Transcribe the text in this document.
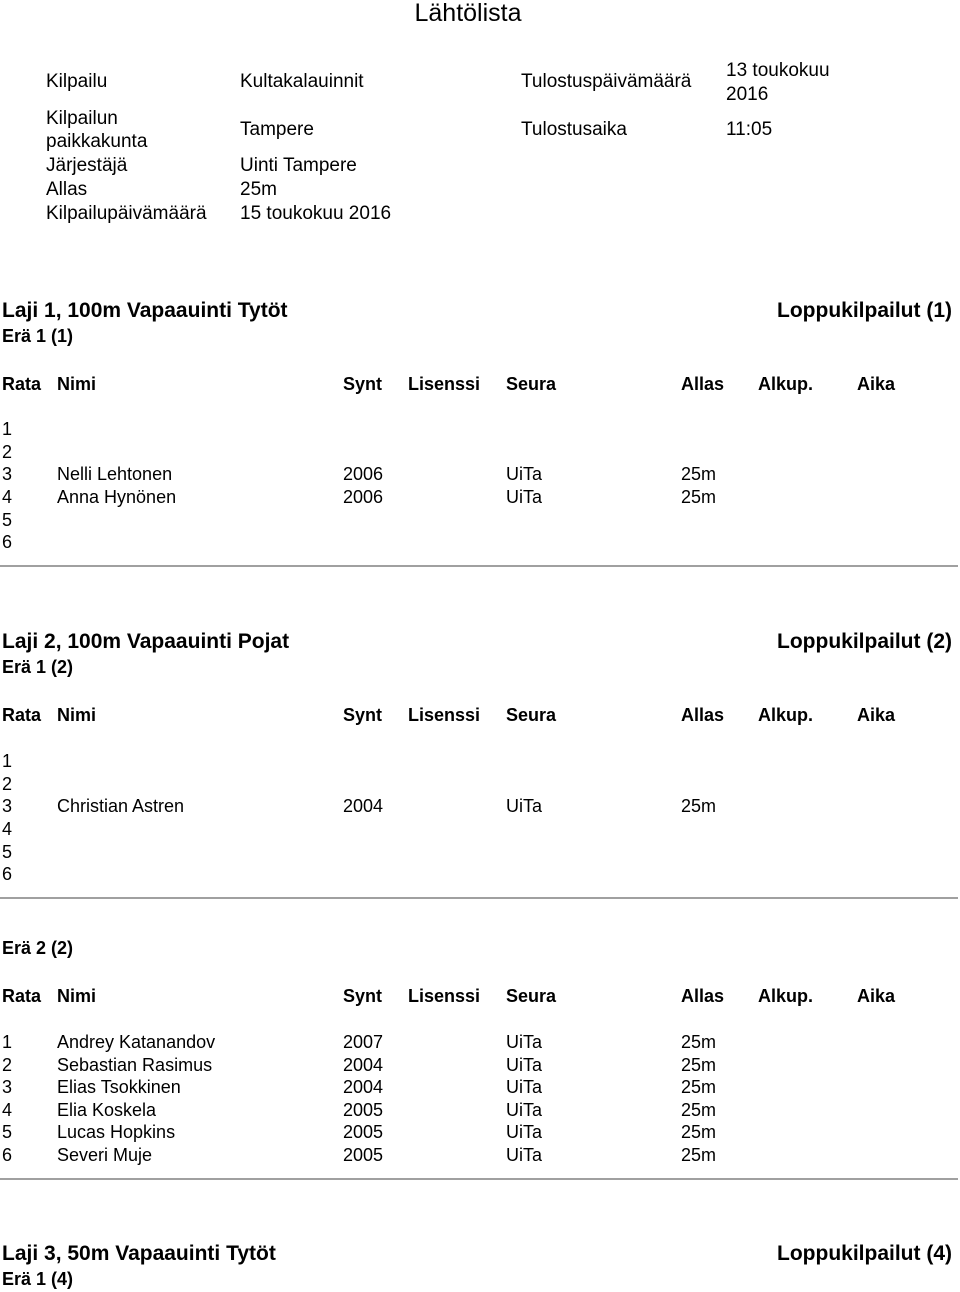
Lähtölista
Kilpailu	Kultakalauinnit	Tulostuspäivämäärä
13 toukokuu
2016
Kilpailun
paikkakunta
Tampere	Tulostusaika	11:05
Järjestäjä	Uinti Tampere
Allas	25m
Kilpailupäivämäärä 15 toukokuu 2016
Laji 1, 100m Vapaauinti Tytöt	Loppukilpailut (1)
Erä 1 (1)
Rata Nimi	Synt Lisenssi Seura	Allas Alkup. Aika
1
2
3 Nelli Lehtonen	2006	UiTa	25m
4 Anna Hynönen	2006	UiTa	25m
5
6
Laji 2, 100m Vapaauinti Pojat	Loppukilpailut (2)
Erä 1 (2)
Rata Nimi	Synt Lisenssi Seura	Allas Alkup. Aika
1
2
3 Christian Astren	2004	UiTa	25m
4
5
6
Erä 2 (2)
Rata Nimi	Synt Lisenssi Seura	Allas Alkup. Aika
1 Andrey Katanandov	2007	UiTa	25m
2 Sebastian Rasimus	2004	UiTa	25m
3 Elias Tsokkinen	2004	UiTa	25m
4 Elia Koskela	2005	UiTa	25m
5 Lucas Hopkins	2005	UiTa	25m
6 Severi Muje	2005	UiTa	25m
Laji 3, 50m Vapaauinti Tytöt	Loppukilpailut (4)
Erä 1 (4)
